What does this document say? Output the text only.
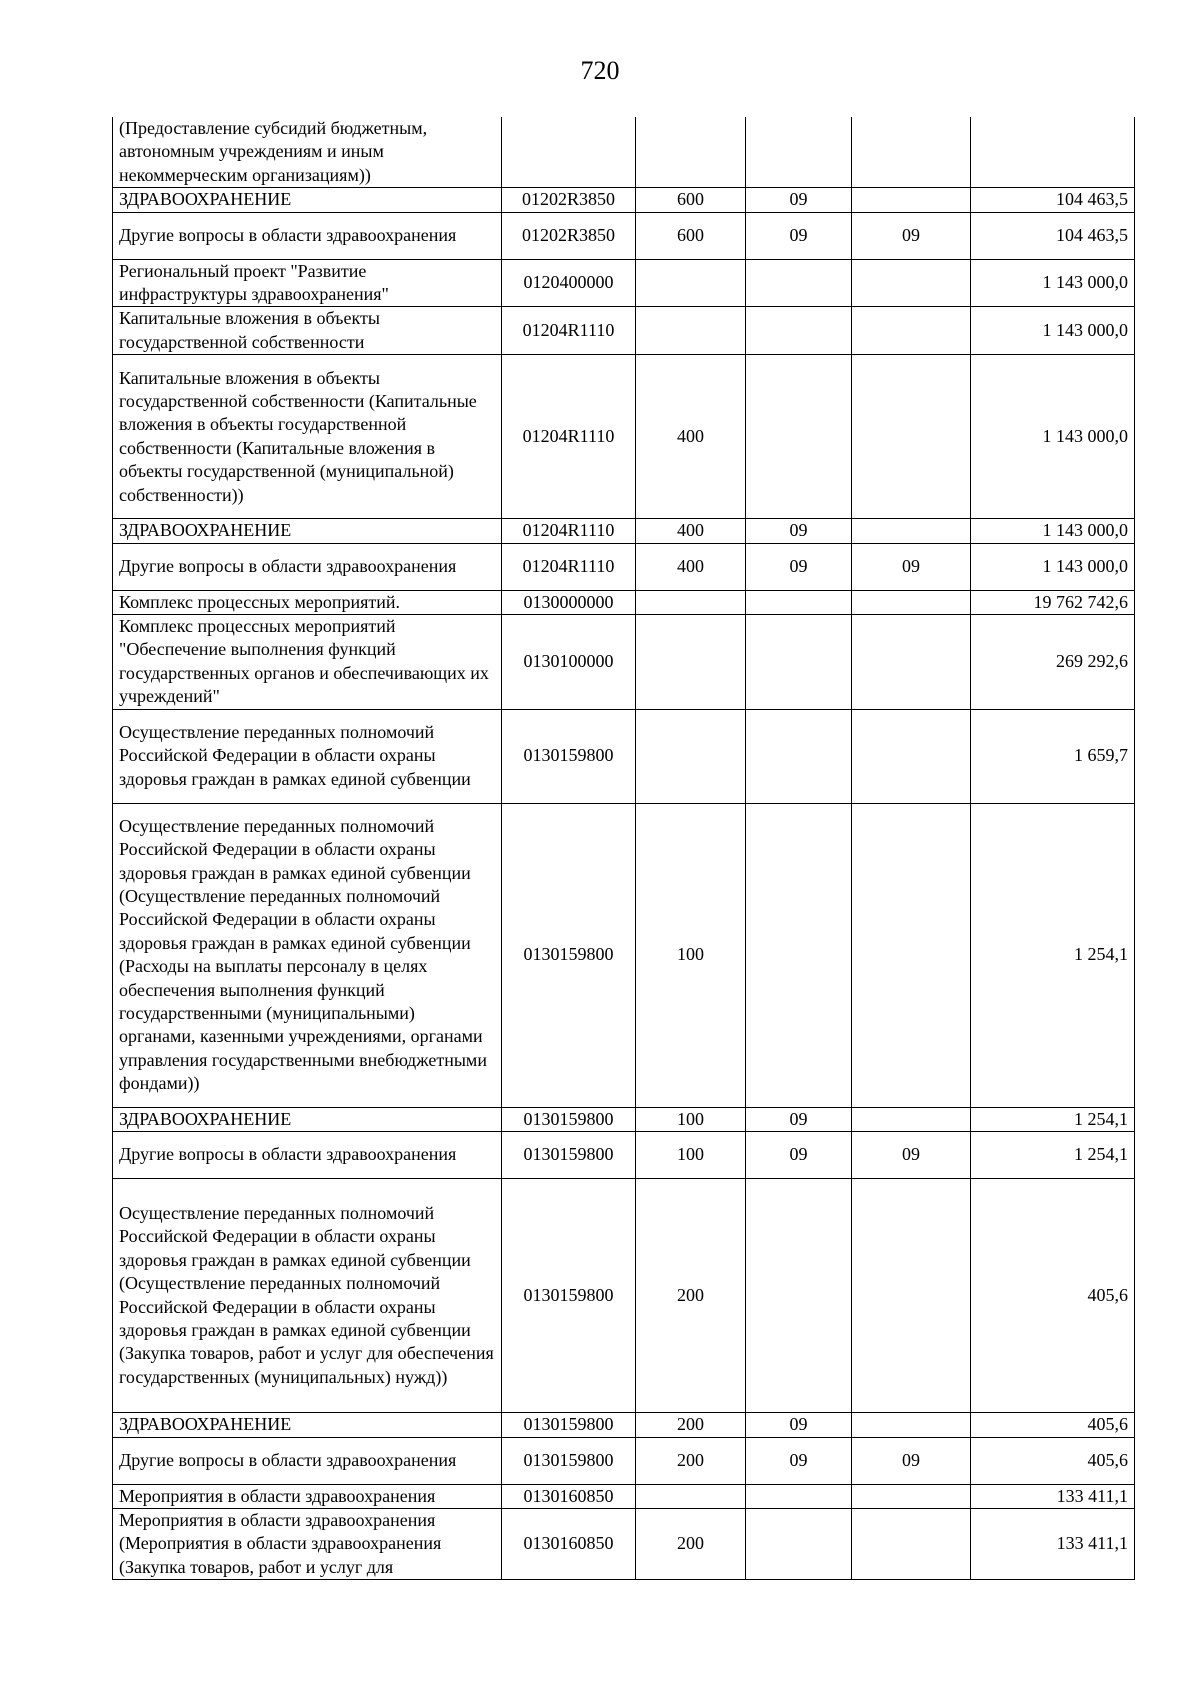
720
(Предоставление субсидий бюджетным, автономным учреждениям и иным некоммерческим организациям))					
ЗДРАВООХРАНЕНИЕ	01202R3850	600	09		104 463,5
Другие вопросы в области здравоохранения	01202R3850	600	09	09	104 463,5
Региональный проект "Развитие инфраструктуры здравоохранения"	0120400000				1 143 000,0
Капитальные вложения в объекты государственной собственности	01204R1110				1 143 000,0
Капитальные вложения в объекты государственной собственности (Капитальные вложения в объекты государственной собственности (Капитальные вложения в объекты государственной (муниципальной) собственности))	01204R1110	400			1 143 000,0
ЗДРАВООХРАНЕНИЕ	01204R1110	400	09		1 143 000,0
Другие вопросы в области здравоохранения	01204R1110	400	09	09	1 143 000,0
Комплекс процессных мероприятий.	0130000000				19 762 742,6
Комплекс процессных мероприятий "Обеспечение выполнения функций государственных органов и обеспечивающих их учреждений"	0130100000				269 292,6
Осуществление переданных полномочий Российской Федерации в области охраны здоровья граждан в рамках единой субвенции	0130159800				1 659,7
Осуществление переданных полномочий Российской Федерации в области охраны здоровья граждан в рамках единой субвенции (Осуществление переданных полномочий Российской Федерации в области охраны здоровья граждан в рамках единой субвенции (Расходы на выплаты персоналу в целях обеспечения выполнения функций государственными (муниципальными) органами, казенными учреждениями, органами управления государственными внебюджетными фондами))	0130159800	100			1 254,1
ЗДРАВООХРАНЕНИЕ	0130159800	100	09		1 254,1
Другие вопросы в области здравоохранения	0130159800	100	09	09	1 254,1
Осуществление переданных полномочий Российской Федерации в области охраны здоровья граждан в рамках единой субвенции (Осуществление переданных полномочий Российской Федерации в области охраны здоровья граждан в рамках единой субвенции (Закупка товаров, работ и услуг для обеспечения государственных (муниципальных) нужд))	0130159800	200			405,6
ЗДРАВООХРАНЕНИЕ	0130159800	200	09		405,6
Другие вопросы в области здравоохранения	0130159800	200	09	09	405,6
Мероприятия в области здравоохранения	0130160850				133 411,1
Мероприятия в области здравоохранения (Мероприятия в области здравоохранения (Закупка товаров, работ и услуг для	0130160850	200			133 411,1
